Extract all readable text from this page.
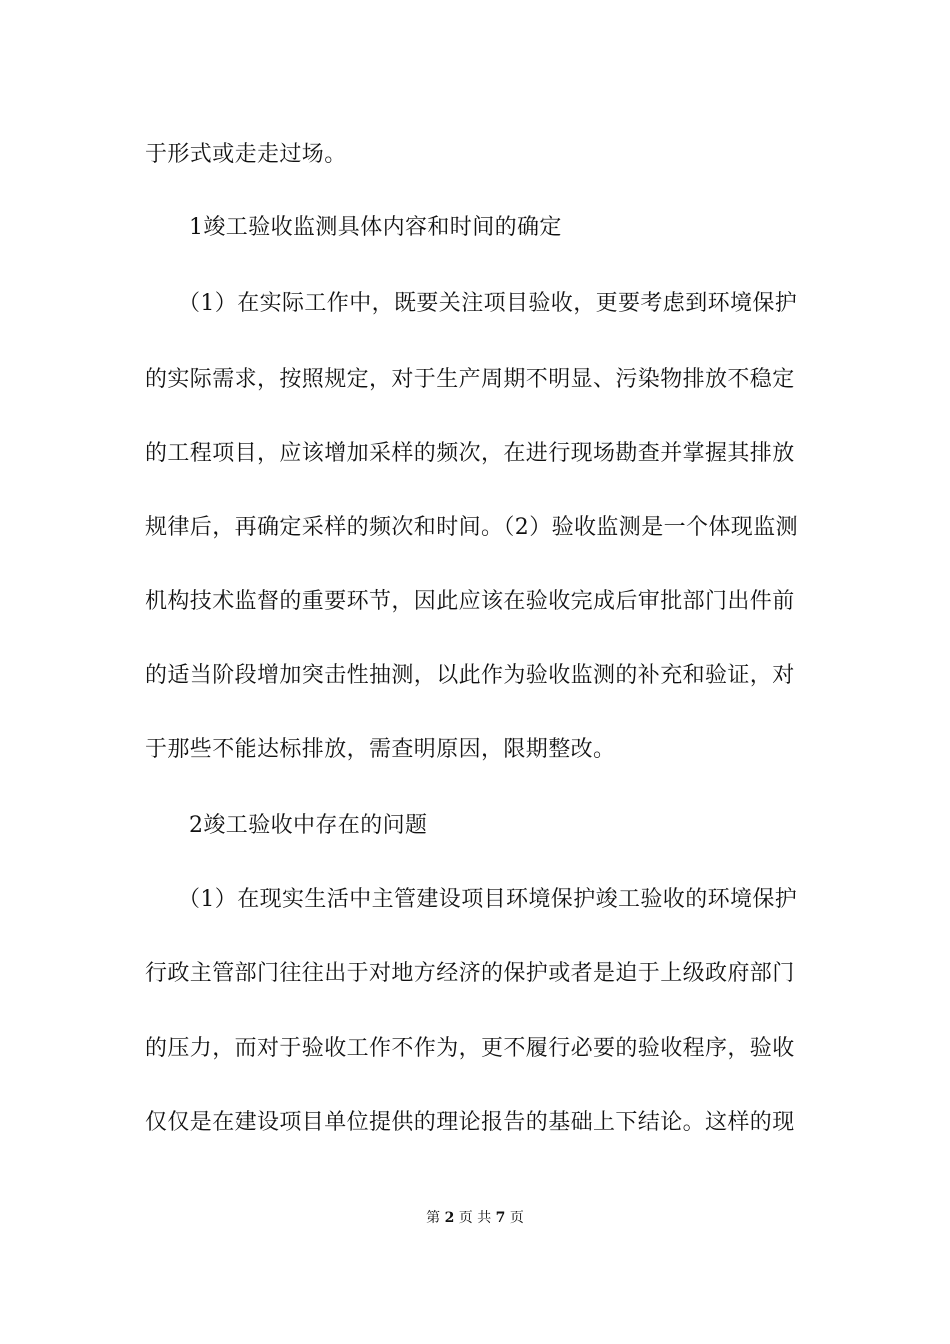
于形式或走走过场。
1竣工验收监测具体内容和时间的确定
（1）在实际工作中，既要关注项目验收，更要考虑到环境保护
的实际需求，按照规定，对于生产周期不明显、污染物排放不稳定
的工程项目，应该增加采样的频次，在进行现场勘查并掌握其排放
规律后，再确定采样的频次和时间。（2）验收监测是一个体现监测
机构技术监督的重要环节，因此应该在验收完成后审批部门出件前
的适当阶段增加突击性抽测，以此作为验收监测的补充和验证，对
于那些不能达标排放，需查明原因，限期整改。
2竣工验收中存在的问题
（1）在现实生活中主管建设项目环境保护竣工验收的环境保护
行政主管部门往往出于对地方经济的保护或者是迫于上级政府部门
的压力，而对于验收工作不作为，更不履行必要的验收程序，验收
仅仅是在建设项目单位提供的理论报告的基础上下结论。这样的现
第 2 页 共 7 页
